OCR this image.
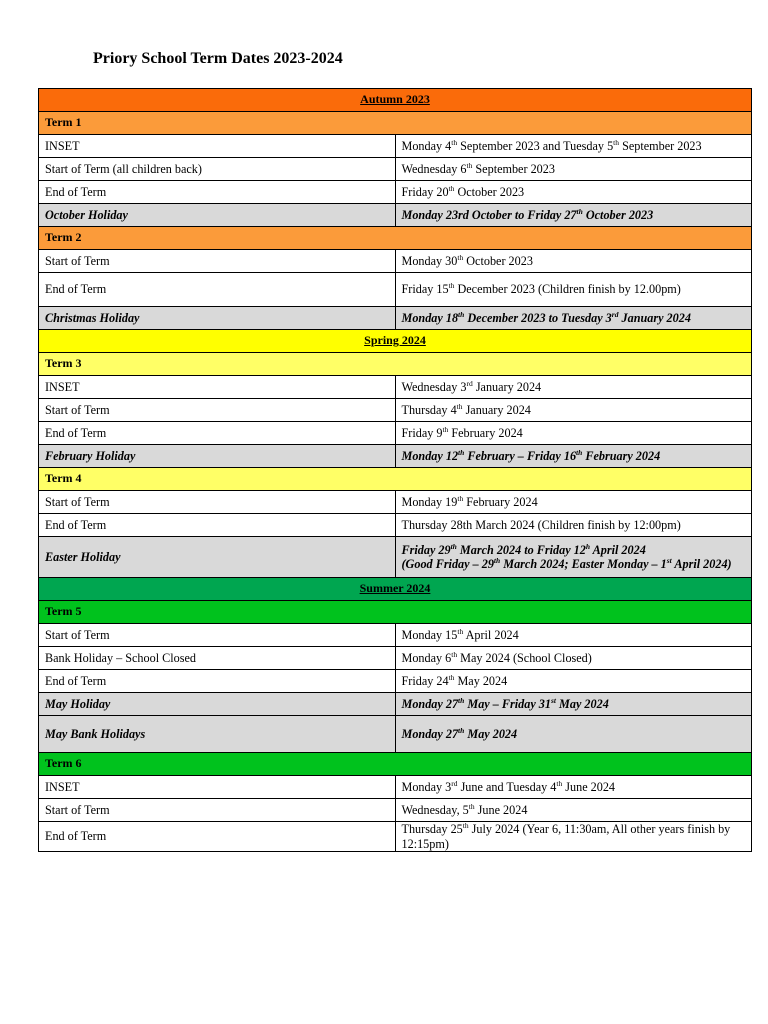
Priory School Term Dates 2023-2024
Autumn 2023	
Term 1	
INSET	Monday 4th September 2023 and Tuesday 5th September 2023
Start of Term (all children back)	Wednesday 6th September 2023
End of Term	Friday 20th October 2023
October Holiday	Monday 23rd October to Friday 27th October 2023
Term 2	
Start of Term	Monday 30th October 2023
End of Term	Friday 15th December 2023 (Children finish by 12.00pm)
Christmas Holiday	Monday 18th December 2023 to Tuesday 3rd January 2024
Spring 2024	
Term 3	
INSET	Wednesday 3rd January 2024
Start of Term	Thursday 4th January 2024
End of Term	Friday 9th February 2024
February Holiday	Monday 12th February – Friday 16th February 2024
Term 4	
Start of Term	Monday 19th February 2024
End of Term	Thursday 28th March 2024 (Children finish by 12:00pm)
Easter Holiday	Friday 29th March 2024 to Friday 12$^h$ April 2024
(Good Friday – 29th March 2024; Easter Monday – 1st April 2024)
Summer 2024	
Term 5	
Start of Term	Monday 15th April 2024
Bank Holiday – School Closed	Monday 6th May 2024 (School Closed)
End of Term	Friday 24th May 2024
May Holiday	Monday 27th May – Friday 31st May 2024
May Bank Holidays	Monday 27th May 2024
Term 6	
INSET	Monday 3rd June and Tuesday 4th June 2024
Start of Term	Wednesday, 5th June 2024
End of Term	Thursday 25th July 2024 (Year 6, 11:30am, All other years finish by 12:15pm)
